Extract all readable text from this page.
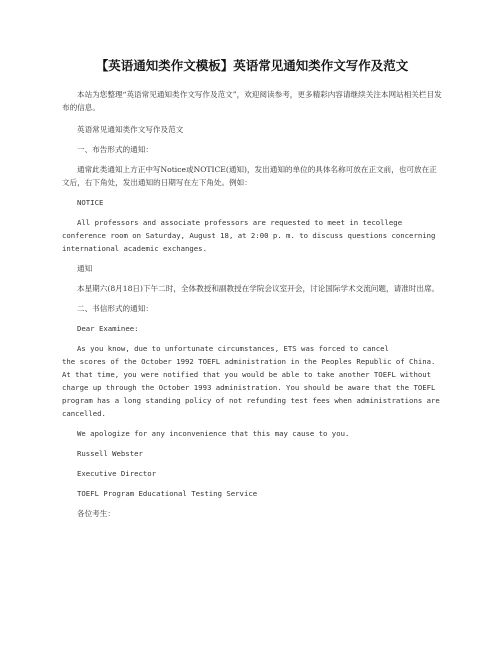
【英语通知类作文模板】英语常见通知类作文写作及范文

本站为您整理“英语常见通知类作文写作及范文”，欢迎阅读参考，更多精彩内容请继续关注本网站相关栏目发布的信息。

英语常见通知类作文写作及范文

一、布告形式的通知：

通常此类通知上方正中写Notice或NOTICE(通知)，发出通知的单位的具体名称可放在正文前，也可放在正文后，右下角处，发出通知的日期写在左下角处。例如：

NOTICE

All professors and associate professors are requested to meet in tecollege conference room on Saturday, August 18, at 2:00 p. m. to discuss questions concerning international academic exchanges.

通知

本星期六(8月18日)下午二时，全体教授和副教授在学院会议室开会，讨论国际学术交流问题，请准时出席。

二、书信形式的通知：

Dear Examinee:

As you know, due to unfortunate circumstances, ETS was forced to cancel

the scores of the October 1992 TOEFL administration in the Peoples Republic of China. At that time, you were notified that you would be able to take another TOEFL without charge up through the October 1993 administration. You should be aware that the TOEFL program has a long standing policy of not refunding test fees when administrations are cancelled.

We apologize for any inconvenience that this may cause to you.

Russell Webster

Executive Director

TOEFL Program Educational Testing Service

各位考生：
